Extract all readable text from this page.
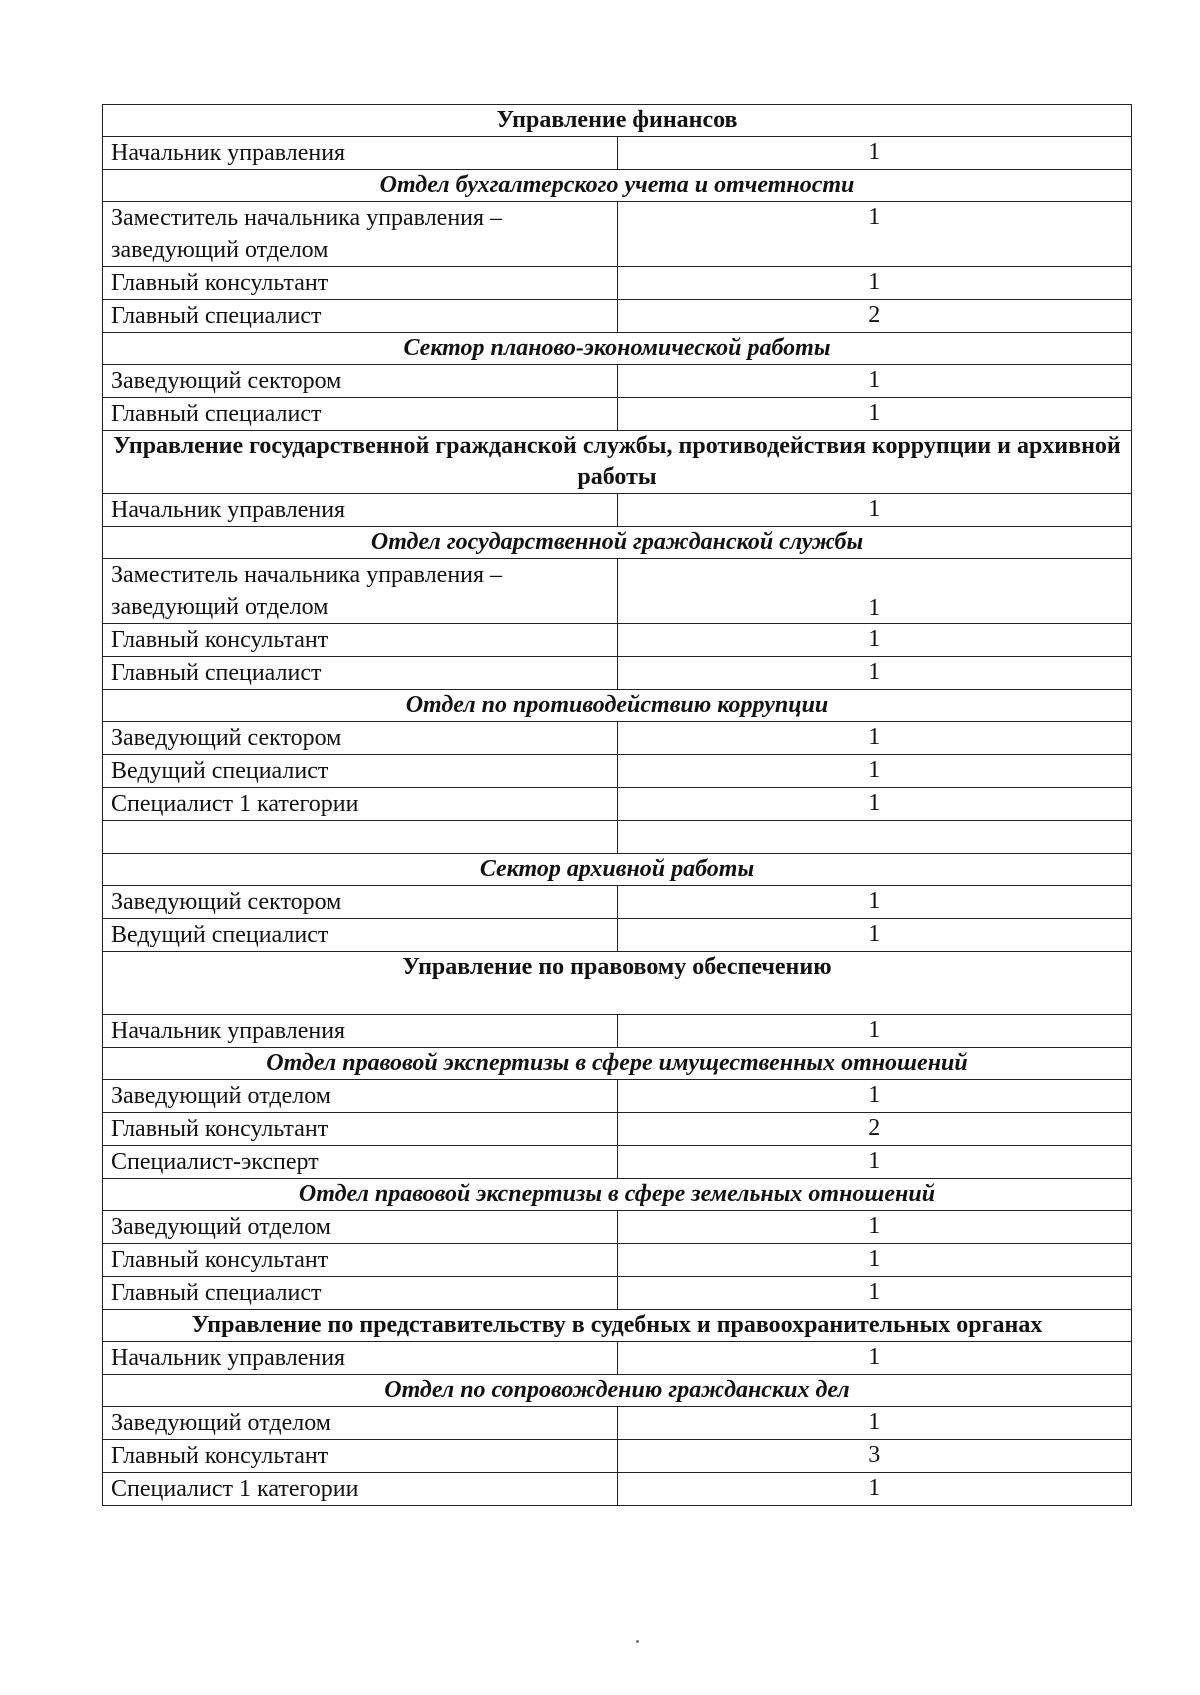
Управление финансов	
Начальник управления	1
Отдел бухгалтерского учета и отчетности	
Заместитель начальника управления – заведующий отделом	1
Главный консультант	1
Главный специалист	2
Сектор планово-экономической работы	
Заведующий сектором	1
Главный специалист	1
Управление государственной гражданской службы, противодействия коррупции и архивной работы	
Начальник управления	1
Отдел государственной гражданской службы	
Заместитель начальника управления – заведующий отделом	1
Главный консультант	1
Главный специалист	1
Отдел по противодействию коррупции	
Заведующий сектором	1
Ведущий специалист	1
Специалист 1 категории	1

Сектор архивной работы	
Заведующий сектором	1
Ведущий специалист	1
Управление по правовому обеспечению	
Начальник управления	1
Отдел правовой экспертизы в сфере имущественных отношений	
Заведующий отделом	1
Главный консультант	2
Специалист-эксперт	1
Отдел правовой экспертизы в сфере земельных отношений	
Заведующий отделом	1
Главный консультант	1
Главный специалист	1
Управление по представительству в судебных и правоохранительных органах	
Начальник управления	1
Отдел по сопровождению гражданских дел	
Заведующий отделом	1
Главный консультант	3
Специалист 1 категории	1
